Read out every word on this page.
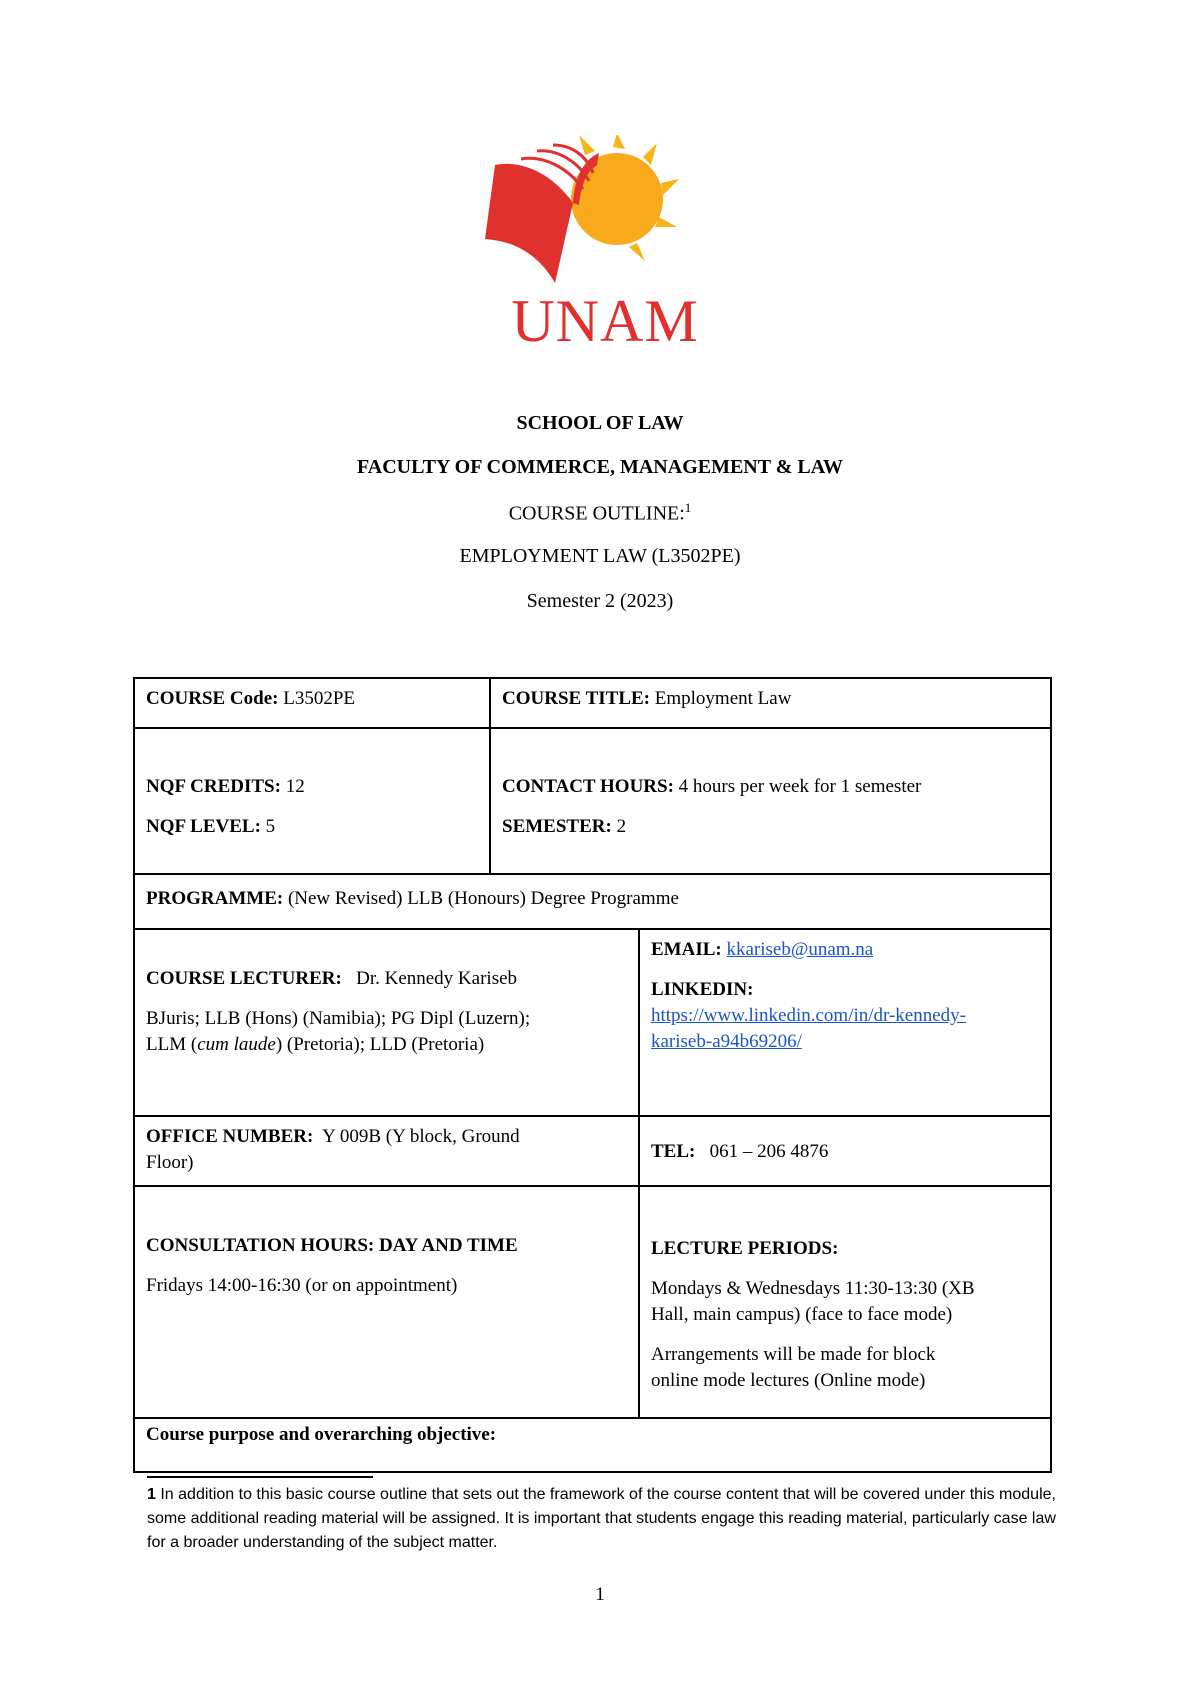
UNAM
SCHOOL OF LAW
FACULTY OF COMMERCE, MANAGEMENT & LAW
COURSE OUTLINE:$^1$
EMPLOYMENT LAW (L3502PE)
Semester 2 (2023)
COURSE Code: L3502PE	COURSE TITLE: Employment Law
NQF CREDITS: 12
NQF LEVEL: 5
CONTACT HOURS: 4 hours per week for 1 semester
SEMESTER: 2
PROGRAMME: (New Revised) LLB (Honours) Degree Programme
COURSE LECTURER: Dr. Kennedy Kariseb
BJuris; LLB (Hons) (Namibia); PG Dipl (Luzern);
LLM (cum laude) (Pretoria); LLD (Pretoria)
EMAIL: kkariseb@unam.na
LINKEDIN:
https://www.linkedin.com/in/dr-kennedy-
kariseb-a94b69206/
OFFICE NUMBER: Y 009B (Y block, Ground
Floor)
TEL: 061 – 206 4876
CONSULTATION HOURS: DAY AND TIME
Fridays 14:00-16:30 (or on appointment)
LECTURE PERIODS:
Mondays & Wednesdays 11:30-13:30 (XB
Hall, main campus) (face to face mode)
Arrangements will be made for block
online mode lectures (Online mode)
Course purpose and overarching objective:
1 In addition to this basic course outline that sets out the framework of the course content that will be covered under this module, some additional reading material will be assigned. It is important that students engage this reading material, particularly case law for a broader understanding of the subject matter.
1
